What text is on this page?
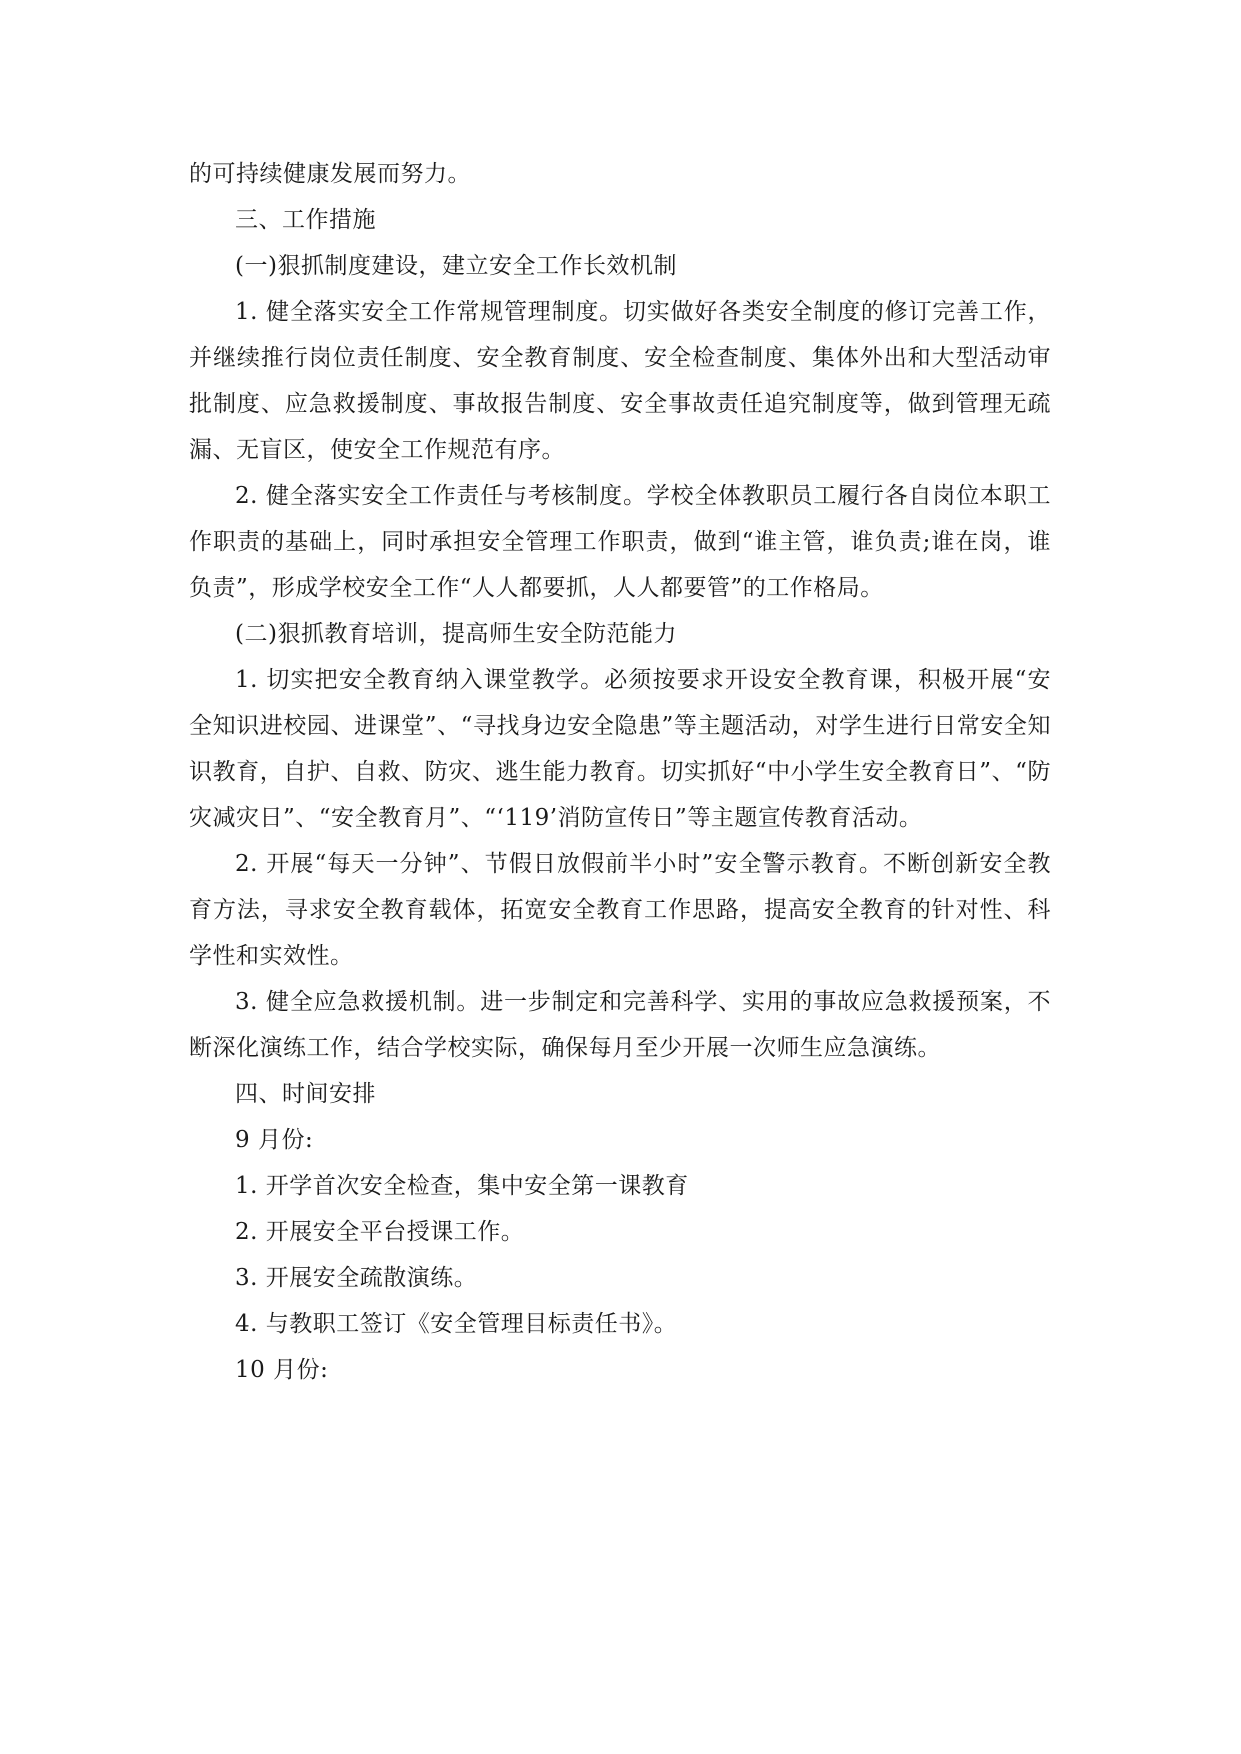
的可持续健康发展而努力。

三、工作措施

(一)狠抓制度建设，建立安全工作长效机制

1. 健全落实安全工作常规管理制度。切实做好各类安全制度的修订完善工作，并继续推行岗位责任制度、安全教育制度、安全检查制度、集体外出和大型活动审批制度、应急救援制度、事故报告制度、安全事故责任追究制度等，做到管理无疏漏、无盲区，使安全工作规范有序。

2. 健全落实安全工作责任与考核制度。学校全体教职员工履行各自岗位本职工作职责的基础上，同时承担安全管理工作职责，做到“谁主管，谁负责;谁在岗，谁负责”，形成学校安全工作“人人都要抓，人人都要管”的工作格局。

(二)狠抓教育培训，提高师生安全防范能力

1. 切实把安全教育纳入课堂教学。必须按要求开设安全教育课，积极开展“安全知识进校园、进课堂”、“寻找身边安全隐患”等主题活动，对学生进行日常安全知识教育，自护、自救、防灾、逃生能力教育。切实抓好“中小学生安全教育日”、“防灾减灾日”、“安全教育月”、“‘119’消防宣传日”等主题宣传教育活动。

2. 开展“每天一分钟”、节假日放假前半小时”安全警示教育。不断创新安全教育方法，寻求安全教育载体，拓宽安全教育工作思路，提高安全教育的针对性、科学性和实效性。

3. 健全应急救援机制。进一步制定和完善科学、实用的事故应急救援预案，不断深化演练工作，结合学校实际，确保每月至少开展一次师生应急演练。

四、时间安排

9 月份:

1. 开学首次安全检查，集中安全第一课教育

2. 开展安全平台授课工作。

3. 开展安全疏散演练。

4. 与教职工签订《安全管理目标责任书》。

10 月份:
